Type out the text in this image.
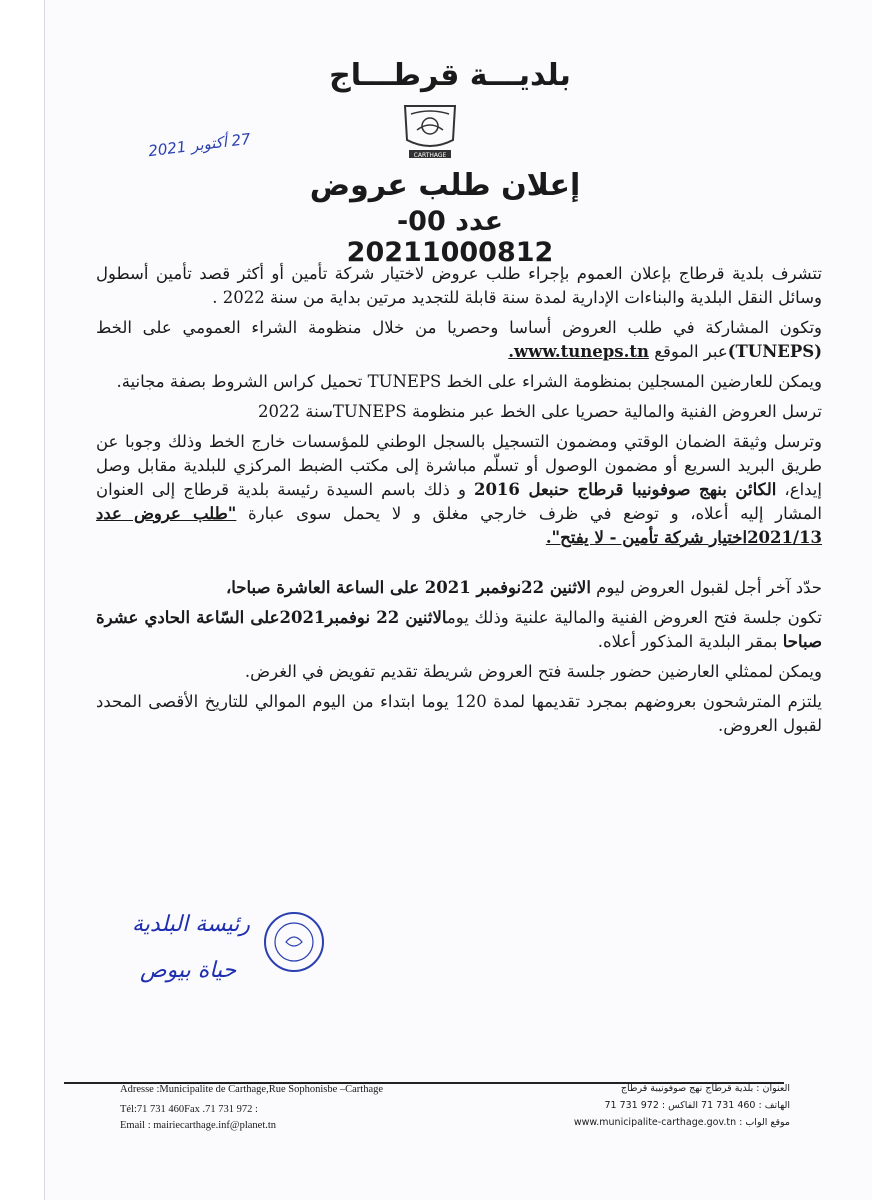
بلديـــة قرطـــاج
CARTHAGE
27 أكتوبر 2021
إعلان طلب عروض
عدد 00-20211000812

تتشرف بلدية قرطاج بإعلان العموم بإجراء طلب عروض لاختيار شركة تأمين أو أكثر قصد تأمين أسطول وسائل النقل البلدية والبناءات الإدارية لمدة سنة قابلة للتجديد مرتين بداية من سنة 2022 .

وتكون المشاركة في طلب العروض أساسا وحصريا من خلال منظومة الشراء العمومي على الخط (TUNEPS)عبر الموقع www.tuneps.tn.

ويمكن للعارضين المسجلين بمنظومة الشراء على الخط TUNEPS تحميل كراس الشروط بصفة مجانية.

ترسل العروض الفنية والمالية حصريا على الخط عبر منظومة TUNEPSسنة 2022

وترسل وثيقة الضمان الوقتي ومضمون التسجيل بالسجل الوطني للمؤسسات خارج الخط وذلك وجوبا عن طريق البريد السريع أو مضمون الوصول أو تسلّم مباشرة إلى مكتب الضبط المركزي للبلدية مقابل وصل إيداع، الكائن بنهج صوفونيبا قرطاج حنبعل 2016 و ذلك باسم السيدة رئيسة بلدية قرطاج إلى العنوان المشار إليه أعلاه، و توضع في ظرف خارجي مغلق و لا يحمل سوى عبارة "طلب عروض عدد 2021/13اختيار شركة تأمين - لا يفتح".

حدّد آخر أجل لقبول العروض ليوم الاثنين 22نوفمبر 2021 على الساعة العاشرة صباحا،

تكون جلسة فتح العروض الفنية والمالية علنية وذلك يومالاثنين 22 نوفمبر2021على السّاعة الحادي عشرة صباحا بمقر البلدية المذكور أعلاه.

ويمكن لممثلي العارضين حضور جلسة فتح العروض شريطة تقديم تفويض في الغرض.

يلتزم المترشحون بعروضهم بمجرد تقديمها لمدة 120 يوما ابتداء من اليوم الموالي للتاريخ الأقصى المحدد لقبول العروض.

رئيسة البلدية
حياة بيوص
Adresse :Municipalite de Carthage,Rue Sophonisbe –Carthage
Tél:71 731 460Fax .71 731 972 :
Email : mairiecarthage.inf@planet.tn
العنوان : بلدية قرطاج نهج صوفونيبة قرطاج
الهاتف : 460 731 71 الفاكس : 972 731 71
موقع الواب : www.municipalite-carthage.gov.tn
